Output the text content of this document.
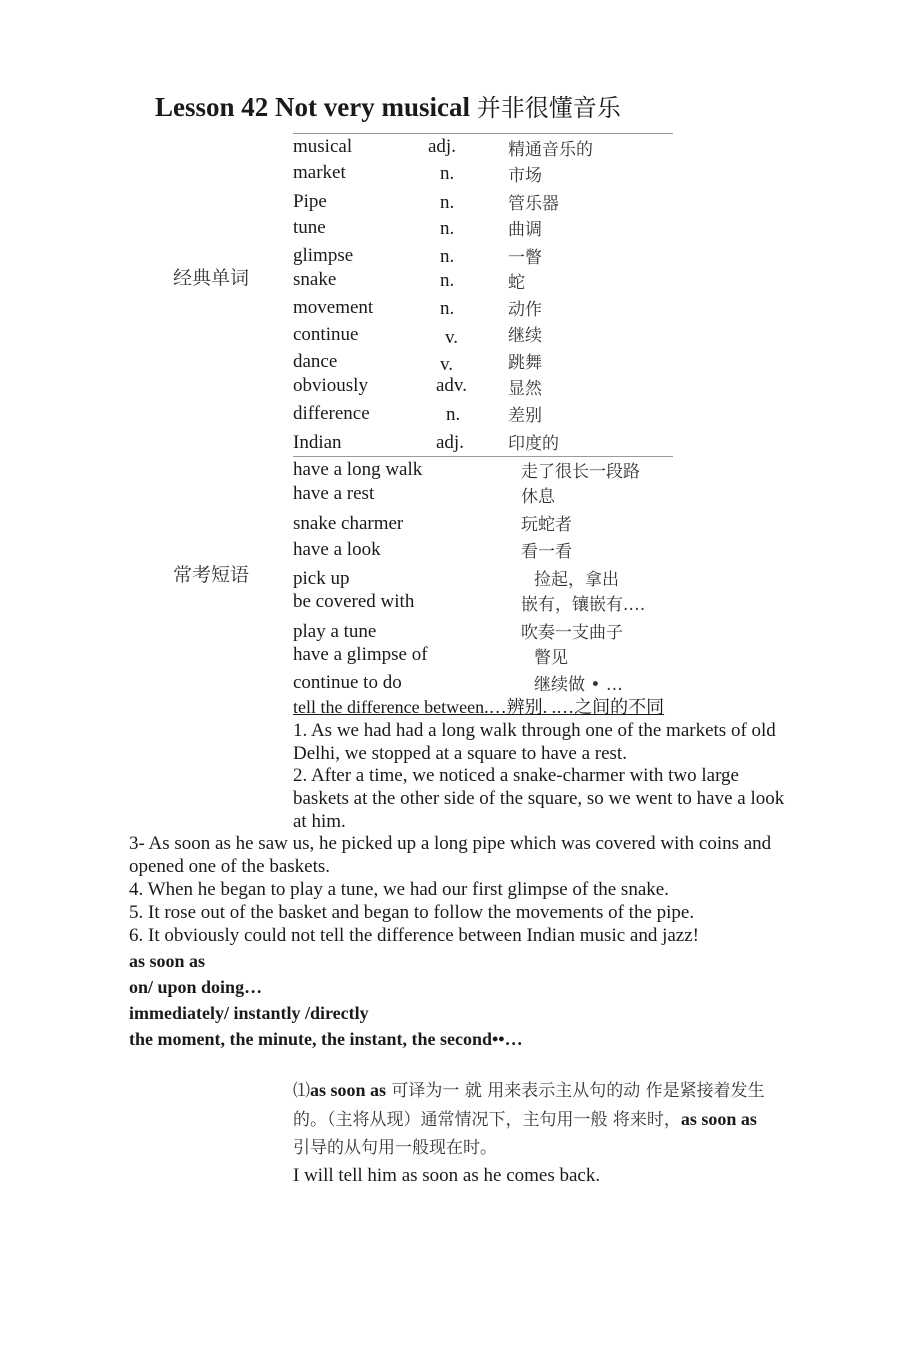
Lesson 42 Not very musical 并非很懂音乐
经典单词
musical	adj.	精通音乐的
market	n.	市场
Pipe	n.	管乐器
tune	n.	曲调
glimpse	n.	一瞥
snake	n.	蛇
movement	n.	动作
continue	v.	继续
dance	v.	跳舞
obviously	adv. 显然
difference	n.	差别
Indian	adj.	印度的
常考短语
have a long walk	走了很长一段路
have a rest	休息
snake charmer	玩蛇者
have a look	看一看
pick up	捡起，拿出
be covered with	嵌有，镶嵌有.…
play a tune	吹奏一支曲子
have a glimpse of	瞥见
continue to do	继续做 • …
tell the difference between.…辨别. .…之间的不同
1. As we had had a long walk through one of the markets of old
Delhi, we stopped at a square to have a rest.
2. After a time, we noticed a snake-charmer with two large
baskets at the other side of the square, so we went to have a look
at him.
3- As soon as he saw us, he picked up a long pipe which was covered with coins and
opened one of the baskets.
4. When he began to play a tune, we had our first glimpse of the snake.
5. It rose out of the basket and began to follow the movements of the pipe.
6. It obviously could not tell the difference between Indian music and jazz!
as soon as
on/ upon doing…
immediately/ instantly /directly
the moment, the minute, the instant, the second••…
⑴as soon as 可译为一 就 用来表示主从句的动 作是紧接着发生
的。（主将从现）通常情况下，主句用一般 将来时，as soon as
引导的从句用一般现在时。
I will tell him as soon as he comes back.
